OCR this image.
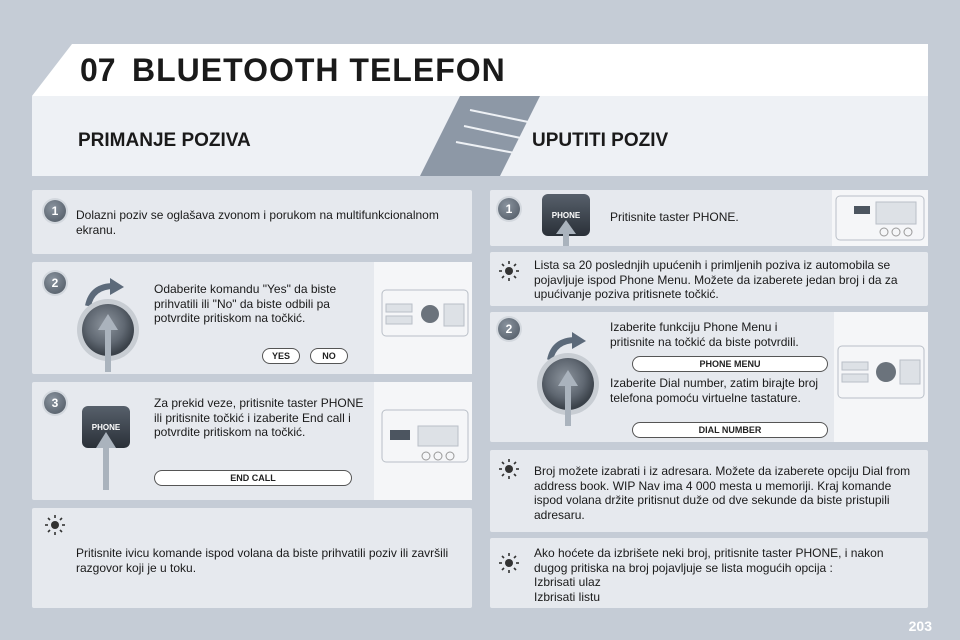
07 BLUETOOTH TELEFON
PRIMANJE POZIVA	UPUTITI POZIV
1	Dolazni poziv se oglašava zvonom i porukom na multifunkcionalnom ekranu.
2	Odaberite komandu "Yes" da biste prihvatili ili "No" da biste odbili pa potvrdite pritiskom na točkić.
YES	NO
3
PHONE
Za prekid veze, pritisnite taster PHONE ili pritisnite točkić i izaberite End call i potvrdite pritiskom na točkić.
END CALL
Pritisnite ivicu komande ispod volana da biste prihvatili poziv ili završili razgovor koji je u toku.
1	PHONE	Pritisnite taster PHONE.
Lista sa 20 poslednjih upućenih i primljenih poziva iz automobila se pojavljuje ispod Phone Menu. Možete da izaberete jedan broj i da za upućivanje poziva pritisnete točkić.
2	Izaberite funkciju Phone Menu i pritisnite na točkić da biste potvrdili.
PHONE MENU
Izaberite Dial number, zatim birajte broj telefona pomoću virtuelne tastature.
DIAL NUMBER
Broj možete izabrati i iz adresara. Možete da izaberete opciju Dial from address book. WIP Nav ima 4 000 mesta u memoriji. Kraj komande ispod volana držite pritisnut duže od dve sekunde da biste pristupili adresaru.
Ako hoćete da izbrišete neki broj, pritisnite taster PHONE, i nakon dugog pritiska na broj pojavljuje se lista mogućih opcija :
Izbrisati ulaz
Izbrisati listu
203
